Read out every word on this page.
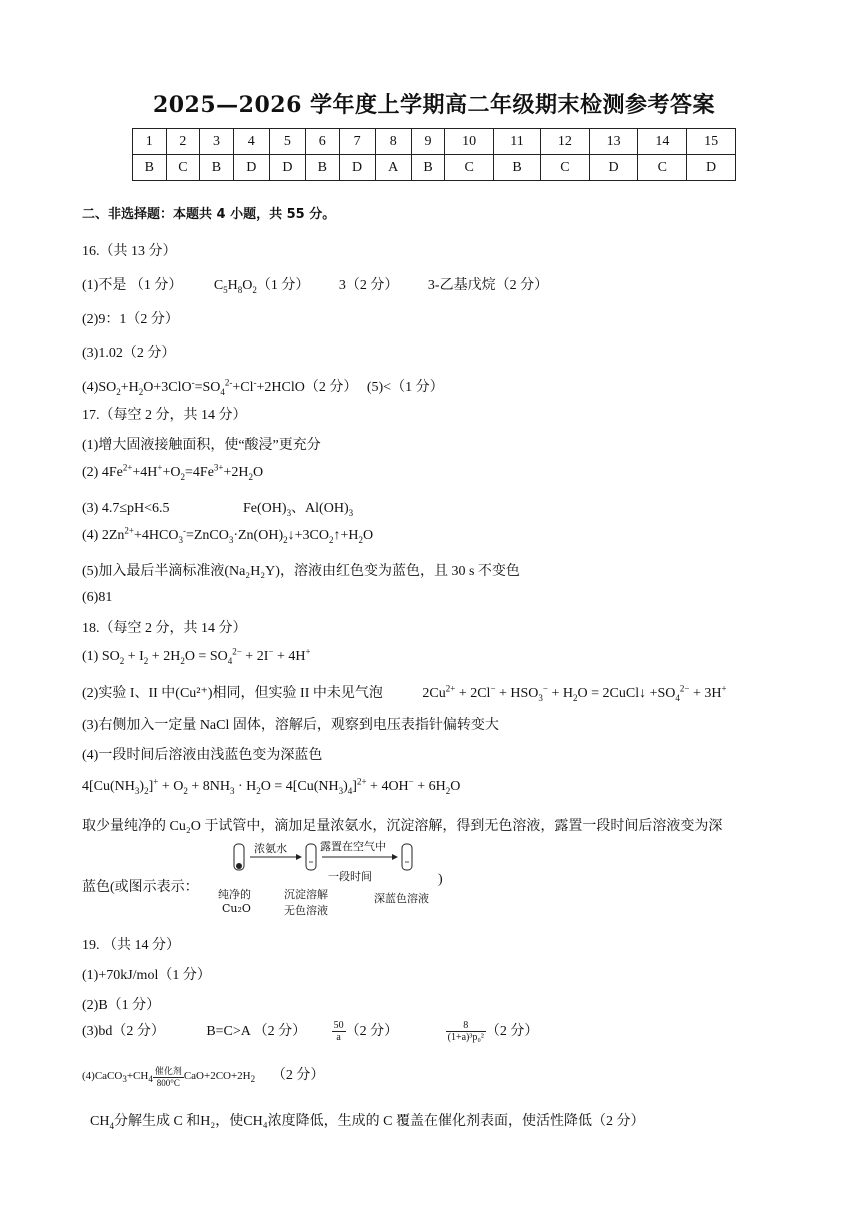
2025—2026 学年度上学期高二年级期末检测参考答案
1	2	3	4	5	6	7	8	9	10	11	12	13	14	15
B	C	B	D	D	B	D	A	B	C	B	C	D	C	D
二、非选择题：本题共 4 小题，共 55 分。
16.（共 13 分）
(1)不是 （1 分） $C_5H_8O_2(1$ 分） 3（2 分） 3-乙基戊烷（2 分）
(2)9：1（2 分）
(3)1.02（2 分）
$(4)SO_2+H_2O+3ClO^-=SO_4^{2-}+Cl^-+2HClO(2$ 分） (5)<（1 分）
17.（每空 2 分，共 14 分）
(1)增大固液接触面积，使“酸浸”更充分
(2) $4Fe^{2+}+4H^++O_2=4Fe^{3+}+2H_2O$
(3) 4.7≤pH<6.5	$Fe(OH)_3$、$Al(OH)_3$
(4) $2Zn^{2+}+4HCO_3^-=ZnCO_3\cdot Zn(OH)_2↓+3CO_2↑+H_2O$
(5)加入最后半滴标准液(Na₂H₂Y)，溶液由红色变为蓝色，且 30 s 不变色
(6)81
18.（每空 2 分，共 14 分）
(1) $SO_2 + I_2 + 2H_2O = SO_4^{2-} + 2I^- + 4H^+$
(2)实验 I、II 中(Cu²⁺)相同，但实验 II 中未见气泡	$2Cu^{2+} + 2Cl^- + HSO_3^- + H_2O$ = 2CuCl↓ $+SO_4^{2-} + 3H^+$
(3)右侧加入一定量 NaCl 固体，溶解后，观察到电压表指针偏转变大
(4)一段时间后溶液由浅蓝色变为深蓝色
$4[Cu(NH_3)_2]^+ + O_2 + 8NH_3 \cdot H_2O = 4[Cu(NH_3)_4]^{2+} + 4OH^- + 6H_2O$
取少量纯净的 Cu₂O 于试管中，滴加足量浓氨水，沉淀溶解，得到无色溶液，露置一段时间后溶液变为深
蓝色(或图示表示：
浓氨水	露置在空气中
一段时间
纯净的
Cu₂O
沉淀溶解
无色溶液
深蓝色溶液
)
19. （共 14 分）
(1)+70kJ/mol（1 分）
(2)B（1 分）
(3)bd（2 分）	B=C>A （2 分）	$\frac{50}{a} (2$ 分）	$\frac{8}{\text{(1+a)³p₀²}} (2$ 分）
$(4)CaCO_3+CH_4$
催化剂
800°C
$CaO+2CO+2H_2$ （2 分）
$CH_4$分解生成 C 和H₂，使CH₄浓度降低，生成的 C 覆盖在催化剂表面，使活性降低（2 分）
